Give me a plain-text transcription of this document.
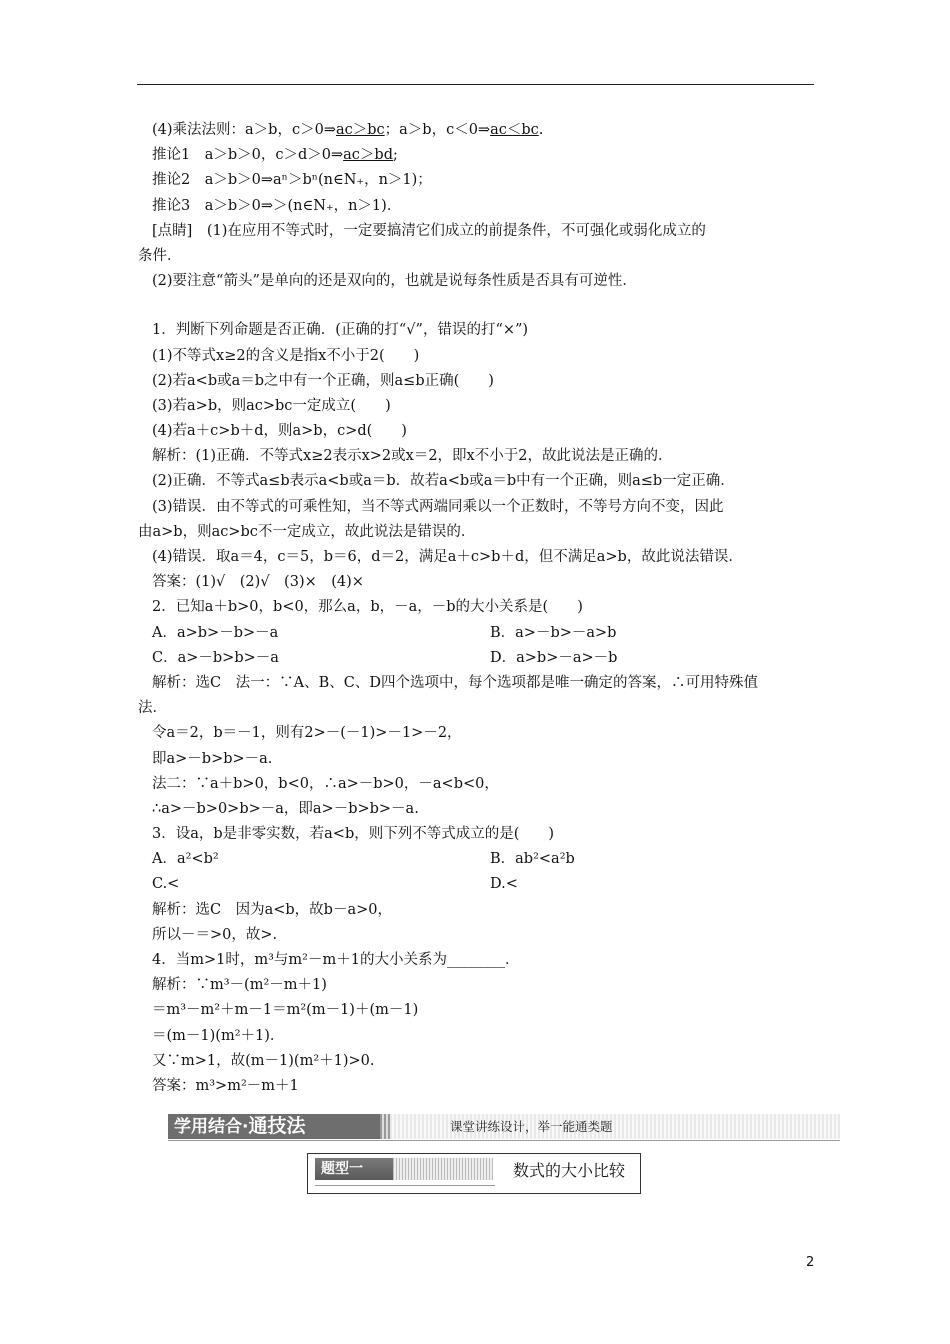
(4)乘法法则：a＞b，c＞0⇒ac＞bc；a＞b，c＜0⇒ac＜bc.
推论1　a＞b＞0，c＞d＞0⇒ac＞bd;
推论2　a＞b＞0⇒aⁿ＞bⁿ(n∈N₊，n＞1)；
推论3　a＞b＞0⇒＞(n∈N₊，n＞1)．
[点睛]　(1)在应用不等式时，一定要搞清它们成立的前提条件，不可强化或弱化成立的
条件．
(2)要注意“箭头”是单向的还是双向的，也就是说每条性质是否具有可逆性．
1．判断下列命题是否正确．(正确的打“√”，错误的打“×”)
(1)不等式x≥2的含义是指x不小于2(　　)
(2)若a<b或a＝b之中有一个正确，则a≤b正确(　　)
(3)若a>b，则ac>bc一定成立(　　)
(4)若a＋c>b＋d，则a>b，c>d(　　)
解析：(1)正确．不等式x≥2表示x>2或x＝2，即x不小于2，故此说法是正确的．
(2)正确．不等式a≤b表示a<b或a＝b．故若a<b或a＝b中有一个正确，则a≤b一定正确．
(3)错误．由不等式的可乘性知，当不等式两端同乘以一个正数时，不等号方向不变，因此
由a>b，则ac>bc不一定成立，故此说法是错误的．
(4)错误．取a＝4，c＝5，b＝6，d＝2，满足a＋c>b＋d，但不满足a>b，故此说法错误．
答案：(1)√　(2)√　(3)×　(4)×
2．已知a＋b>0，b<0，那么a，b，－a，－b的大小关系是(　　)
A．a>b>－b>－a	B．a>－b>－a>b
C．a>－b>b>－a	D．a>b>－a>－b
解析：选C　法一：∵A、B、C、D四个选项中，每个选项都是唯一确定的答案，∴可用特殊值
法．
令a＝2，b＝－1，则有2>－(－1)>－1>－2，
即a>－b>b>－a.
法二：∵a＋b>0，b<0，∴a>－b>0，－a<b<0，
∴a>－b>0>b>－a，即a>－b>b>－a.
3．设a，b是非零实数，若a<b，则下列不等式成立的是(　　)
A．a²<b²	B．ab²<a²b
C.<	D.<
解析：选C　因为a<b，故b－a>0，
所以－＝>0，故>.
4．当m>1时，m³与m²－m＋1的大小关系为________．
解析：∵m³－(m²－m＋1)
＝m³－m²＋m－1＝m²(m－1)＋(m－1)
＝(m－1)(m²＋1)．
又∵m>1，故(m－1)(m²＋1)>0.
答案：m³>m²－m＋1
学用结合·通技法	课堂讲练设计，举一能通类题
题型一	数式的大小比较
2
